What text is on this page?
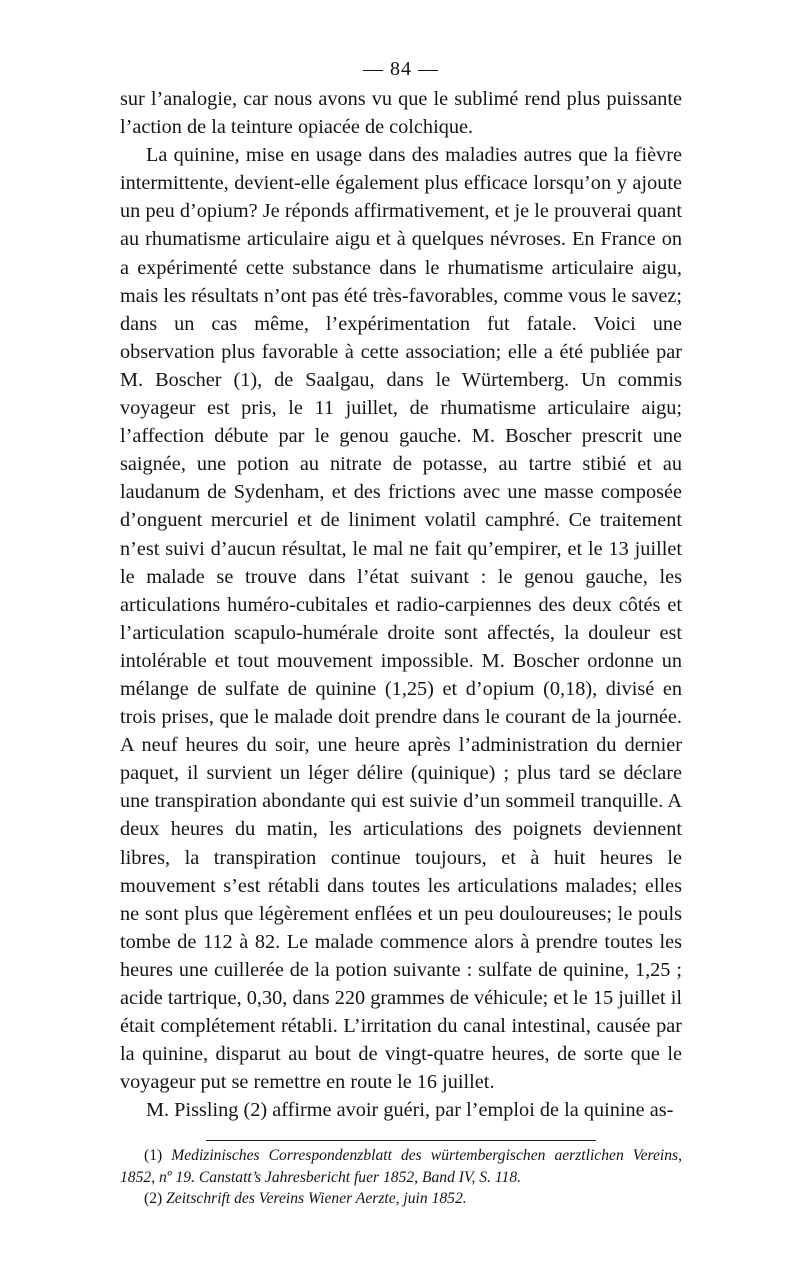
— 84 —

sur l’analogie, car nous avons vu que le sublimé rend plus puissante l’action de la teinture opiacée de colchique.

La quinine, mise en usage dans des maladies autres que la fièvre intermittente, devient-elle également plus efficace lorsqu’on y ajoute un peu d’opium? Je réponds affirmativement, et je le prouverai quant au rhumatisme articulaire aigu et à quelques névroses. En France on a expérimenté cette substance dans le rhumatisme articulaire aigu, mais les résultats n’ont pas été très-favorables, comme vous le savez; dans un cas même, l’expérimentation fut fatale. Voici une observation plus favorable à cette association; elle a été publiée par M. Boscher (1), de Saalgau, dans le Würtemberg. Un commis voyageur est pris, le 11 juillet, de rhumatisme articulaire aigu; l’affection débute par le genou gauche. M. Boscher prescrit une saignée, une potion au nitrate de potasse, au tartre stibié et au laudanum de Sydenham, et des frictions avec une masse composée d’onguent mercuriel et de liniment volatil camphré. Ce traitement n’est suivi d’aucun résultat, le mal ne fait qu’empirer, et le 13 juillet le malade se trouve dans l’état suivant : le genou gauche, les articulations huméro-cubitales et radio-carpiennes des deux côtés et l’articulation scapulo-humérale droite sont affectés, la douleur est intolérable et tout mouvement impossible. M. Boscher ordonne un mélange de sulfate de quinine (1,25) et d’opium (0,18), divisé en trois prises, que le malade doit prendre dans le courant de la journée. A neuf heures du soir, une heure après l’administration du dernier paquet, il survient un léger délire (quinique) ; plus tard se déclare une transpiration abondante qui est suivie d’un sommeil tranquille. A deux heures du matin, les articulations des poignets deviennent libres, la transpiration continue toujours, et à huit heures le mouvement s’est rétabli dans toutes les articulations malades; elles ne sont plus que légèrement enflées et un peu douloureuses; le pouls tombe de 112 à 82. Le malade commence alors à prendre toutes les heures une cuillerée de la potion suivante : sulfate de quinine, 1,25 ; acide tartrique, 0,30, dans 220 grammes de véhicule; et le 15 juillet il était complétement rétabli. L’irritation du canal intestinal, causée par la quinine, disparut au bout de vingt-quatre heures, de sorte que le voyageur put se remettre en route le 16 juillet.

M. Pissling (2) affirme avoir guéri, par l’emploi de la quinine as-

(1) Medizinisches Correspondenzblatt des würtembergischen aerztlichen Vereins, 1852, nº 19. Canstatt’s Jahresbericht fuer 1852, Band IV, S. 118.

(2) Zeitschrift des Vereins Wiener Aerzte, juin 1852.
